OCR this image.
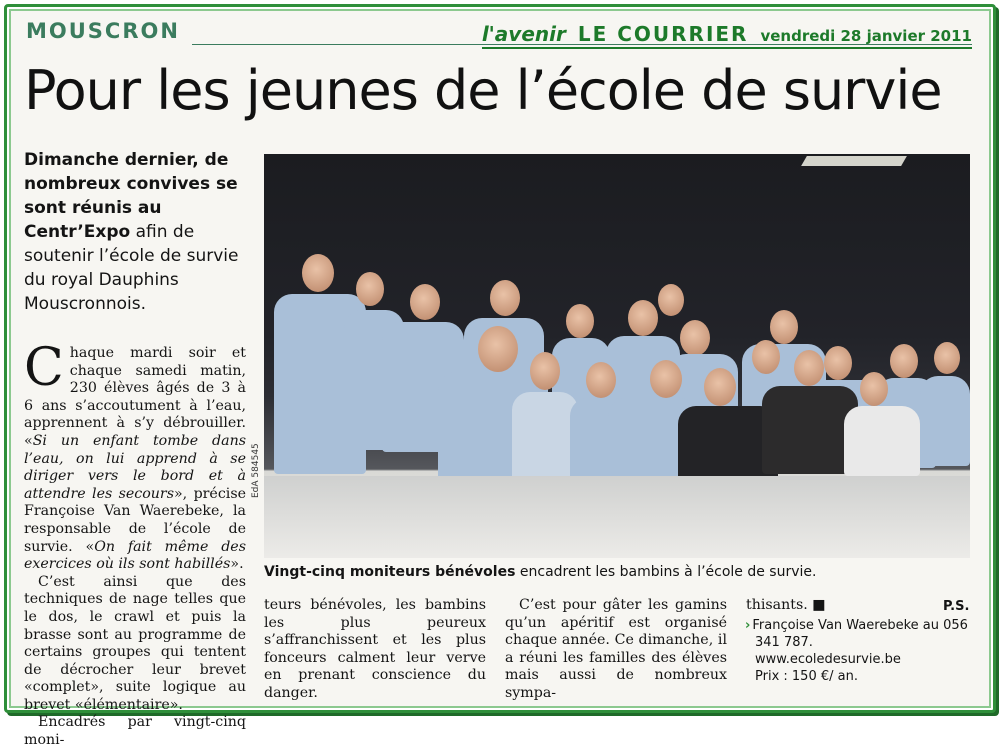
MOUSCRON	l'avenir LE COURRIER vendredi 28 janvier 2011
Pour les jeunes de l’école de survie
Dimanche dernier, de nombreux convives se sont réunis au Centr’Expo afin de soutenir l’école de survie du royal Dauphins Mouscronnois.
EdA 584545
Vingt-cinq moniteurs bénévoles encadrent les bambins à l’école de survie.

Chaque mardi soir et chaque samedi matin, 230 élèves âgés de 3 à 6 ans s’accoutument à l’eau, apprennent à s’y débrouiller. «Si un enfant tombe dans l’eau, on lui apprend à se diriger vers le bord et à attendre les secours», précise Françoise Van Waerebeke, la responsable de l’école de survie. «On fait même des exercices où ils sont habillés».

C’est ainsi que des techniques de nage telles que le dos, le crawl et puis la brasse sont au programme de certains groupes qui tentent de décrocher leur brevet «complet», suite logique au brevet «élémentaire».

Encadrés par vingt-cinq moni-

teurs bénévoles, les bambins les plus peureux s’affranchissent et les plus fonceurs calment leur verve en prenant conscience du danger.

C’est pour gâter les gamins qu’un apéritif est organisé chaque année. Ce dimanche, il a réuni les familles des élèves mais aussi de nombreux sympa-

thisants. ■	P.S.
› Françoise Van Waerebeke au 056 341 787.
www.ecoledesurvie.be
Prix : 150 €/ an.
